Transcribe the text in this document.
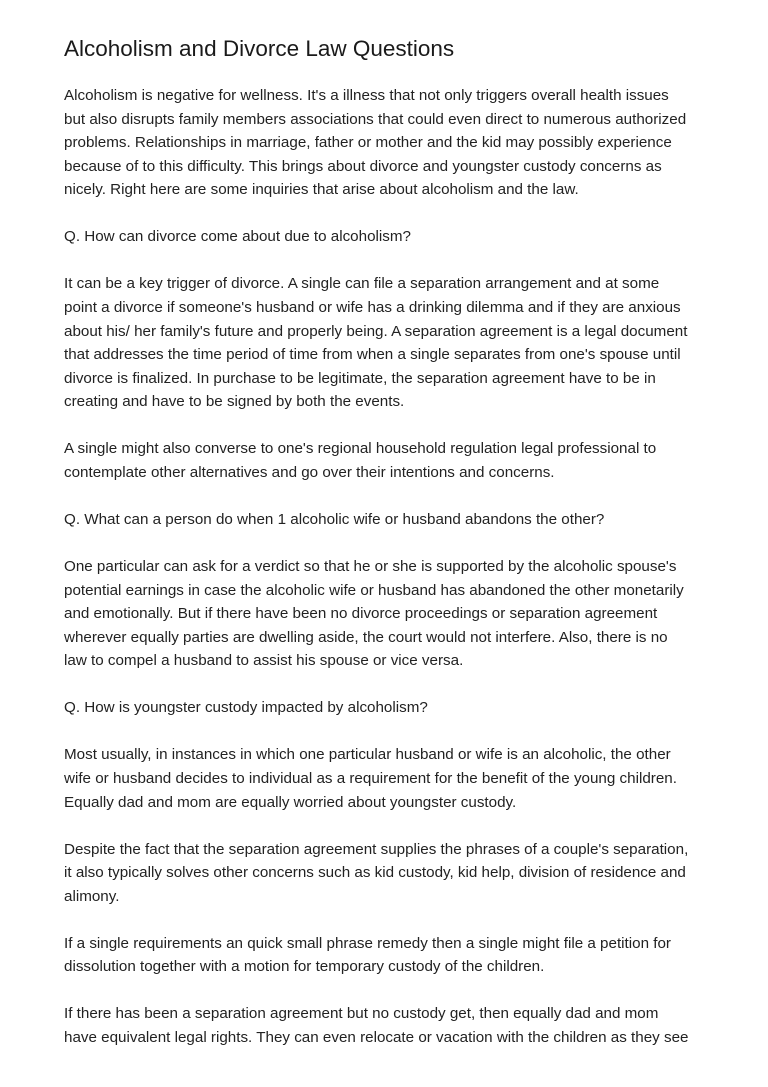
Alcoholism and Divorce Law Questions
Alcoholism is negative for wellness. It's a illness that not only triggers overall health issues
but also disrupts family members associations that could even direct to numerous authorized
problems. Relationships in marriage, father or mother and the kid may possibly experience
because of to this difficulty. This brings about divorce and youngster custody concerns as
nicely. Right here are some inquiries that arise about alcoholism and the law.
Q. How can divorce come about due to alcoholism?
It can be a key trigger of divorce. A single can file a separation arrangement and at some
point a divorce if someone's husband or wife has a drinking dilemma and if they are anxious
about his/ her family's future and properly being. A separation agreement is a legal document
that addresses the time period of time from when a single separates from one's spouse until
divorce is finalized. In purchase to be legitimate, the separation agreement have to be in
creating and have to be signed by both the events.
A single might also converse to one's regional household regulation legal professional to
contemplate other alternatives and go over their intentions and concerns.
Q. What can a person do when 1 alcoholic wife or husband abandons the other?
One particular can ask for a verdict so that he or she is supported by the alcoholic spouse's
potential earnings in case the alcoholic wife or husband has abandoned the other monetarily
and emotionally. But if there have been no divorce proceedings or separation agreement
wherever equally parties are dwelling aside, the court would not interfere. Also, there is no
law to compel a husband to assist his spouse or vice versa.
Q. How is youngster custody impacted by alcoholism?
Most usually, in instances in which one particular husband or wife is an alcoholic, the other
wife or husband decides to individual as a requirement for the benefit of the young children.
Equally dad and mom are equally worried about youngster custody.
Despite the fact that the separation agreement supplies the phrases of a couple's separation,
it also typically solves other concerns such as kid custody, kid help, division of residence and
alimony.
If a single requirements an quick small phrase remedy then a single might file a petition for
dissolution together with a motion for temporary custody of the children.
If there has been a separation agreement but no custody get, then equally dad and mom
have equivalent legal rights. They can even relocate or vacation with the children as they see
